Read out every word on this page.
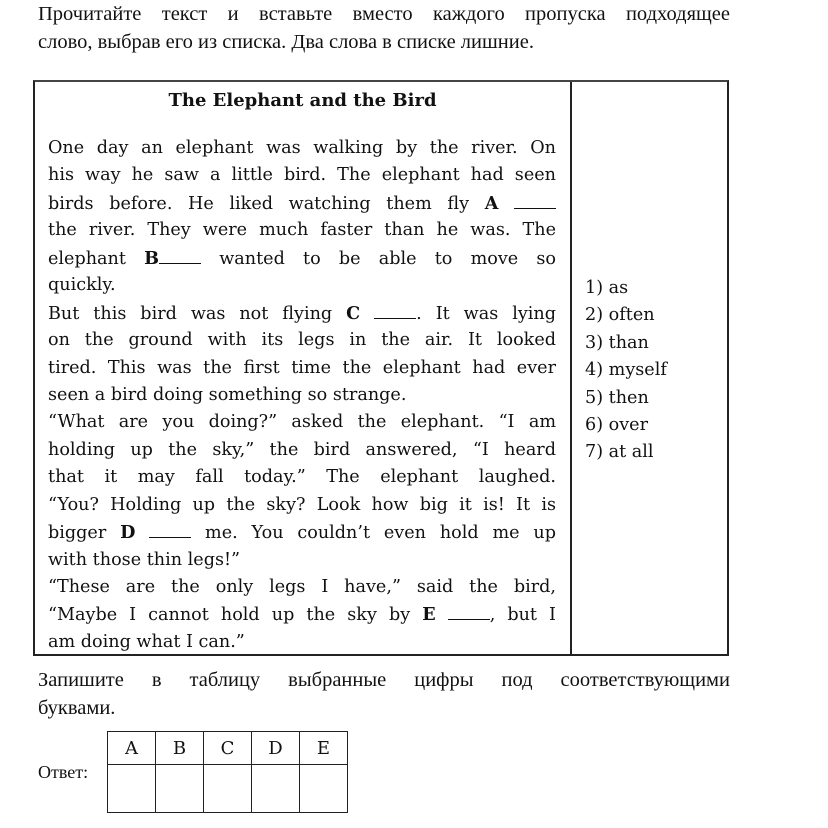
Прочитайте текст и вставьте вместо каждого пропуска подходящее
слово, выбрав его из списка. Два слова в списке лишние.
The Elephant and the Bird
One day an elephant was walking by the river. On
his way he saw a little bird. The elephant had seen
birds before. He liked watching them fly A
the river. They were much faster than he was. The
elephant B wanted to be able to move so
quickly.
But this bird was not flying C	. It was lying
on the ground with its legs in the air. It looked
tired. This was the first time the elephant had ever
seen a bird doing something so strange.
“What are you doing?” asked the elephant. “I am
holding up the sky,” the bird answered, “I heard
that it may fall today.” The elephant laughed.
“You? Holding up the sky? Look how big it is! It is
bigger D	me. You couldn’t even hold me up
with those thin legs!”
“These are the only legs I have,” said the bird,
“Maybe I cannot hold up the sky by E	, but I
am doing what I can.”
1) as
2) often
3) than
4) myself
5) then
6) over
7) at all
Запишите в таблицу выбранные цифры под соответствующими
буквами.
Ответ:
A	B	C	D	E
